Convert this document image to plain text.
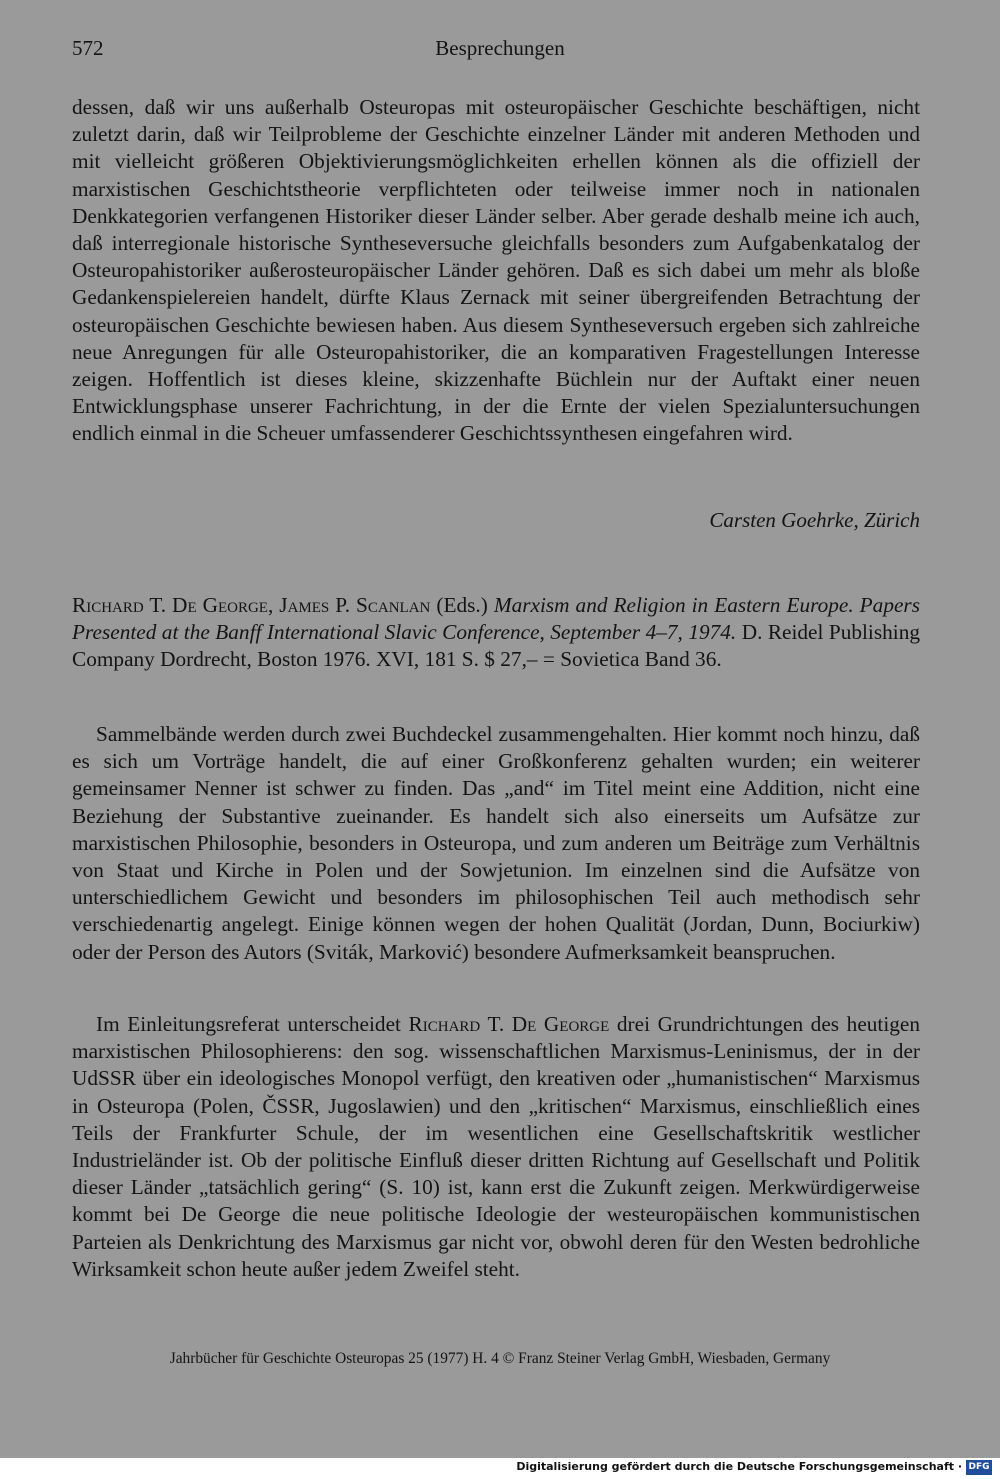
572	Besprechungen

dessen, daß wir uns außerhalb Osteuropas mit osteuropäischer Geschichte beschäftigen, nicht zuletzt darin, daß wir Teilprobleme der Geschichte einzelner Länder mit anderen Methoden und mit vielleicht größeren Objektivierungsmöglichkeiten erhellen können als die offiziell der marxistischen Geschichtstheorie verpflichteten oder teilweise immer noch in nationalen Denkkategorien verfangenen Historiker dieser Länder selber. Aber gerade deshalb meine ich auch, daß interregionale historische Syntheseversuche gleichfalls besonders zum Aufgabenkatalog der Osteuropahistoriker außerosteuropäischer Länder gehören. Daß es sich dabei um mehr als bloße Gedankenspielereien handelt, dürfte Klaus Zernack mit seiner übergreifenden Betrachtung der osteuropäischen Geschichte bewiesen haben. Aus diesem Syntheseversuch ergeben sich zahlreiche neue Anregungen für alle Osteuropahistoriker, die an komparativen Fragestellungen Interesse zeigen. Hoffentlich ist dieses kleine, skizzenhafte Büchlein nur der Auftakt einer neuen Entwicklungsphase unserer Fachrichtung, in der die Ernte der vielen Spezialuntersuchungen endlich einmal in die Scheuer umfassenderer Geschichtssynthesen eingefahren wird.

Carsten Goehrke, Zürich

Richard T. De George, James P. Scanlan (Eds.) Marxism and Religion in Eastern Europe. Papers Presented at the Banff International Slavic Conference, September 4–7, 1974. D. Reidel Publishing Company Dordrecht, Boston 1976. XVI, 181 S. $ 27,– = Sovietica Band 36.

Sammelbände werden durch zwei Buchdeckel zusammengehalten. Hier kommt noch hinzu, daß es sich um Vorträge handelt, die auf einer Großkonferenz gehalten wurden; ein weiterer gemeinsamer Nenner ist schwer zu finden. Das „and“ im Titel meint eine Addition, nicht eine Beziehung der Substantive zueinander. Es handelt sich also einerseits um Aufsätze zur marxistischen Philosophie, besonders in Osteuropa, und zum anderen um Beiträge zum Verhältnis von Staat und Kirche in Polen und der Sowjetunion. Im einzelnen sind die Aufsätze von unterschiedlichem Gewicht und besonders im philosophischen Teil auch methodisch sehr verschiedenartig angelegt. Einige können wegen der hohen Qualität (Jordan, Dunn, Bociurkiw) oder der Person des Autors (Sviták, Marković) besondere Aufmerksamkeit beanspruchen.

Im Einleitungsreferat unterscheidet Richard T. De George drei Grundrichtungen des heutigen marxistischen Philosophierens: den sog. wissenschaftlichen Marxismus-Leninismus, der in der UdSSR über ein ideologisches Monopol verfügt, den kreativen oder „humanistischen“ Marxismus in Osteuropa (Polen, ČSSR, Jugoslawien) und den „kritischen“ Marxismus, einschließlich eines Teils der Frankfurter Schule, der im wesentlichen eine Gesellschaftskritik westlicher Industrieländer ist. Ob der politische Einfluß dieser dritten Richtung auf Gesellschaft und Politik dieser Länder „tatsächlich gering“ (S. 10) ist, kann erst die Zukunft zeigen. Merkwürdigerweise kommt bei De George die neue politische Ideologie der westeuropäischen kommunistischen Parteien als Denkrichtung des Marxismus gar nicht vor, obwohl deren für den Westen bedrohliche Wirksamkeit schon heute außer jedem Zweifel steht.

Jahrbücher für Geschichte Osteuropas 25 (1977) H. 4 © Franz Steiner Verlag GmbH, Wiesbaden, Germany
Digitalisierung gefördert durch die Deutsche Forschungsgemeinschaft · DFG
